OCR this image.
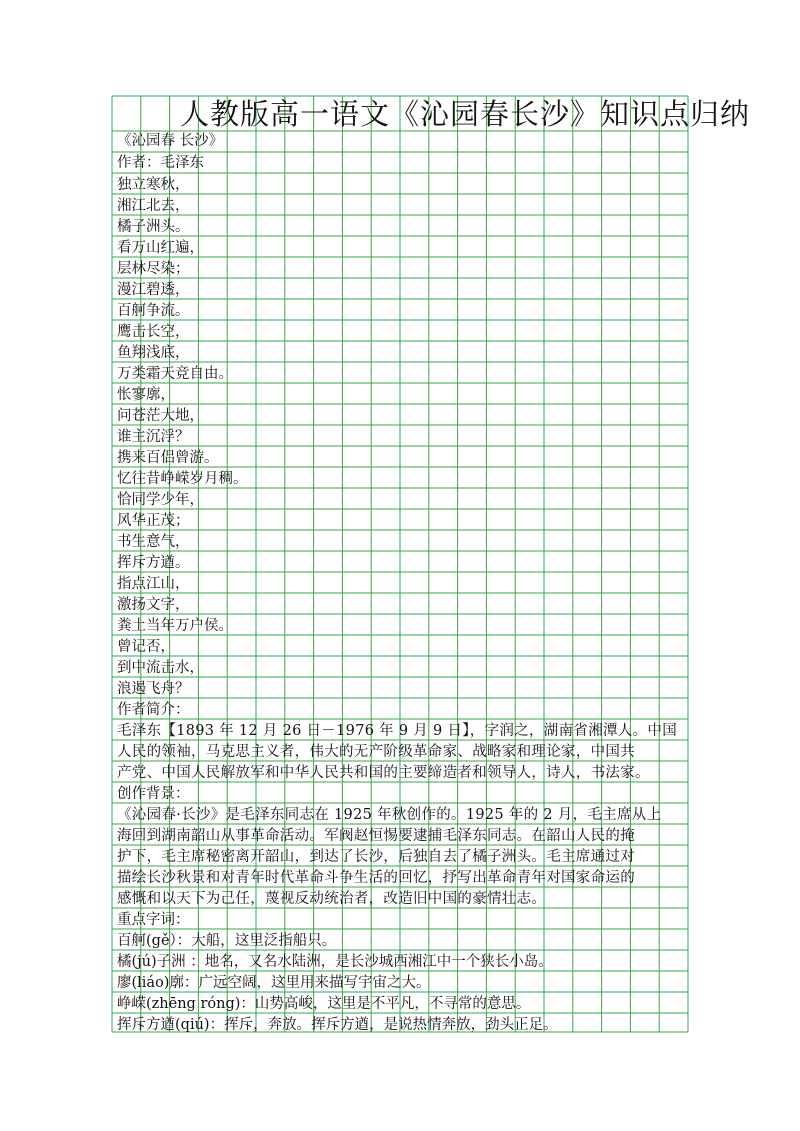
人教版高一语文《沁园春长沙》知识点归纳
《沁园春 长沙》
作者：毛泽东
独立寒秋，
湘江北去，
橘子洲头。
看万山红遍，
层林尽染；
漫江碧透，
百舸争流。
鹰击长空，
鱼翔浅底，
万类霜天竞自由。
怅寥廓，
问苍茫大地，
谁主沉浮？
携来百侣曾游。
忆往昔峥嵘岁月稠。
恰同学少年，
风华正茂；
书生意气，
挥斥方遒。
指点江山，
激扬文字，
粪土当年万户侯。
曾记否，
到中流击水，
浪遏飞舟？
作者简介：
毛泽东【1893 年 12 月 26 日－1976 年 9 月 9 日】，字润之，湖南省湘潭人。中国
人民的领袖，马克思主义者，伟大的无产阶级革命家、战略家和理论家，中国共
产党、中国人民解放军和中华人民共和国的主要缔造者和领导人，诗人，书法家。
创作背景：
《沁园春·长沙》是毛泽东同志在 1925 年秋创作的。1925 年的 2 月，毛主席从上
海回到湖南韶山从事革命活动。军阀赵恒惕要逮捕毛泽东同志。在韶山人民的掩
护下，毛主席秘密离开韶山，到达了长沙，后独自去了橘子洲头。毛主席通过对
描绘长沙秋景和对青年时代革命斗争生活的回忆，抒写出革命青年对国家命运的
感慨和以天下为己任，蔑视反动统治者，改造旧中国的豪情壮志。
重点字词：
百舸(gě）：大船，这里泛指船只。
橘(jú)子洲 ：地名，又名水陆洲，是长沙城西湘江中一个狭长小岛。
廖(liáo)廓：广远空阔，这里用来描写宇宙之大。
峥嵘(zhēng róng)：山势高峻，这里是不平凡，不寻常的意思。
挥斥方遒(qiú)：挥斥，奔放。挥斥方遒，是说热情奔放，劲头正足。
